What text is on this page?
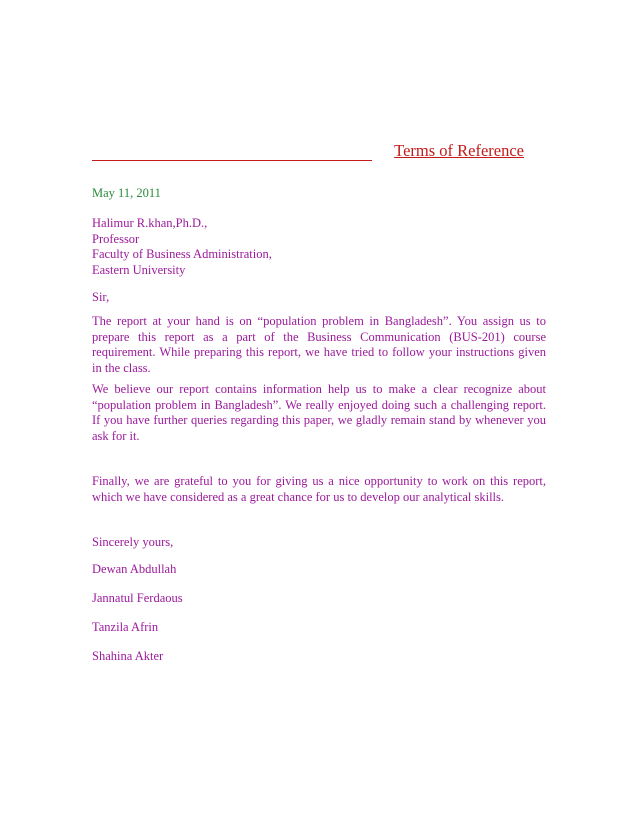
Terms of Reference
May 11, 2011
Halimur R.khan,Ph.D.,
Professor
Faculty of Business Administration,
Eastern University
Sir,

The report at your hand is on “population problem in Bangladesh”. You assign us to prepare this report as a part of the Business Communication (BUS-201) course requirement. While preparing this report, we have tried to follow your instructions given in the class.

We believe our report contains information help us to make a clear recognize about “population problem in Bangladesh”. We really enjoyed doing such a challenging report. If you have further queries regarding this paper, we gladly remain stand by whenever you ask for it.

Finally, we are grateful to you for giving us a nice opportunity to work on this report, which we have considered as a great chance for us to develop our analytical skills.

Sincerely yours,
Dewan Abdullah
Jannatul Ferdaous
Tanzila Afrin
Shahina Akter
